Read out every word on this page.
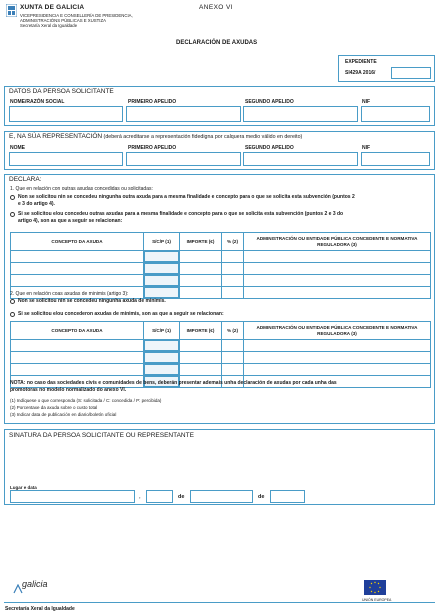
XUNTA DE GALICIA
VICEPRESIDENCIA E CONSELLERÍA DE PRESIDENCIA,
ADMINISTRACIÓNS PÚBLICAS E XUSTIZA
Secretaría Xeral da Igualdade
ANEXO VI
DECLARACIÓN DE AXUDAS
EXPEDIENTE
SI429A 2016/
DATOS DA PERSOA SOLICITANTE
NOME/RAZÓN SOCIAL	PRIMEIRO APELIDO	SEGUNDO APELIDO	NIF
E, NA SÚA REPRESENTACIÓN (deberá acreditarse a representación fidedigna por calquera medio válido en dereito)
NOME	PRIMEIRO APELIDO	SEGUNDO APELIDO	NIF
DECLARA:
1. Que en relación con outras axudas concedidas ou solicitadas:
Non se solicitou nin se concedeu ningunha outra axuda para a mesma finalidade e concepto para o que se solicita esta subvención (puntos 2
e 3 do artigo 4).
Si se solicitou e/ou concedeu outras axudas para a mesma finalidade e concepto para o que se solicita esta subvención (puntos 2 e 3 do
artigo 4), son as que a seguir se relacionan:
CONCEPTO DA AXUDA	S/C/P (1)	IMPORTE (€)	% (2)	ADMINISTRACIÓN OU ENTIDADE PÚBLICA CONCEDENTE E NORMATIVA REGULADORA (3)

2. Que en relación coas axudas de minimis (artigo 3):
Non se solicitou nin se concedeu ningunha axuda de minimis.
Si se solicitou e/ou concederon axudas de minimis, son as que a seguir se relacionan:
CONCEPTO DA AXUDA	S/C/P (1)	IMPORTE (€)	% (2)	ADMINISTRACIÓN OU ENTIDADE PÚBLICA CONCEDENTE E NORMATIVA REGULADORA (3)

NOTA: no caso das sociedades civís e comunidades de bens, deberán presentar ademais unha declaración de axudas por cada unha das
promotoras no modelo normalizado do anexo VI.
(1) Indíquese o que corresponda (S: solicitada / C: concedida / P: percibida)
(2) Porcentaxe da axuda sobre o custo total
(3) Indicar data de publicación en diario/boletín oficial
SINATURA DA PERSOA SOLICITANTE OU REPRESENTANTE
Lugar e data
,	de	de
galicia
UNIÓN EUROPEA
Secretaría Xeral da Igualdade
